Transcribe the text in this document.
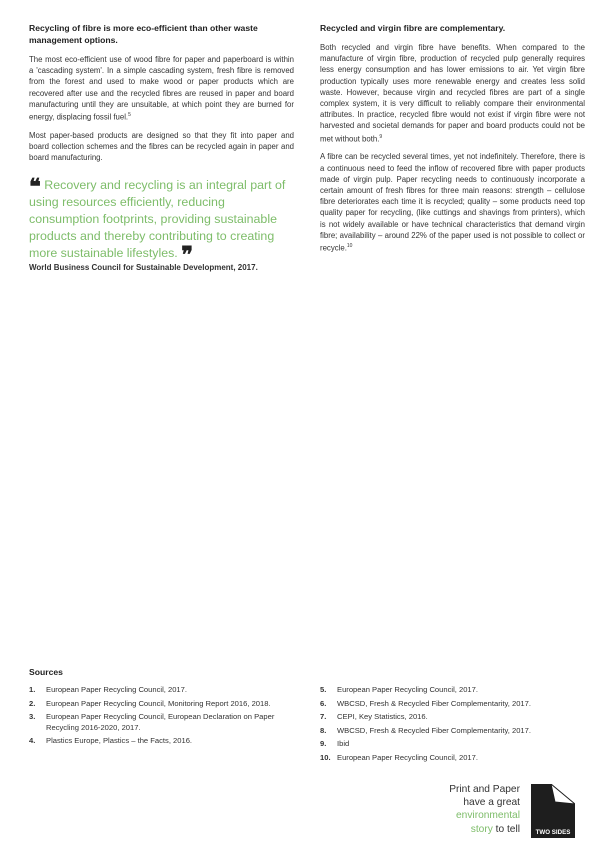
Recycling of fibre is more eco-efficient than other waste management options.

The most eco-efficient use of wood fibre for paper and paperboard is within a 'cascading system'. In a simple cascading system, fresh fibre is removed from the forest and used to make wood or paper products which are recovered after use and the recycled fibres are reused in paper and board manufacturing until they are unsuitable, at which point they are burned for energy, displacing fossil fuel.$^5$

Most paper-based products are designed so that they fit into paper and board collection schemes and the fibres can be recycled again in paper and board manufacturing.

❝ Recovery and recycling is an integral part of using resources efficiently, reducing consumption footprints, providing sustainable products and thereby contributing to creating more sustainable lifestyles. ❞
World Business Council for Sustainable Development, 2017.
Recycled and virgin fibre are complementary.

Both recycled and virgin fibre have benefits. When compared to the manufacture of virgin fibre, production of recycled pulp generally requires less energy consumption and has lower emissions to air. Yet virgin fibre production typically uses more renewable energy and creates less solid waste. However, because virgin and recycled fibres are part of a single complex system, it is very difficult to reliably compare their environmental attributes. In practice, recycled fibre would not exist if virgin fibre were not harvested and societal demands for paper and board products could not be met without both.$^9$

A fibre can be recycled several times, yet not indefinitely. Therefore, there is a continuous need to feed the inflow of recovered fibre with paper products made of virgin pulp. Paper recycling needs to continuously incorporate a certain amount of fresh fibres for three main reasons: strength – cellulose fibre deteriorates each time it is recycled; quality – some products need top quality paper for recycling, (like cuttings and shavings from printers), which is not widely available or have technical characteristics that demand virgin fibre; availability – around 22% of the paper used is not possible to collect or recycle.$^{10}$

Sources
1.	European Paper Recycling Council, 2017.
2.	European Paper Recycling Council, Monitoring Report 2016, 2018.
3.	European Paper Recycling Council, European Declaration on Paper Recycling 2016-2020, 2017.
4.	Plastics Europe, Plastics – the Facts, 2016.
5.	European Paper Recycling Council, 2017.
6.	WBCSD, Fresh & Recycled Fiber Complementarity, 2017.
7.	CEPI, Key Statistics, 2016.
8.	WBCSD, Fresh & Recycled Fiber Complementarity, 2017.
9.	Ibid
10. European Paper Recycling Council, 2017.
Print and Paper
have a great
environmental
story to tell	TWO SIDES
